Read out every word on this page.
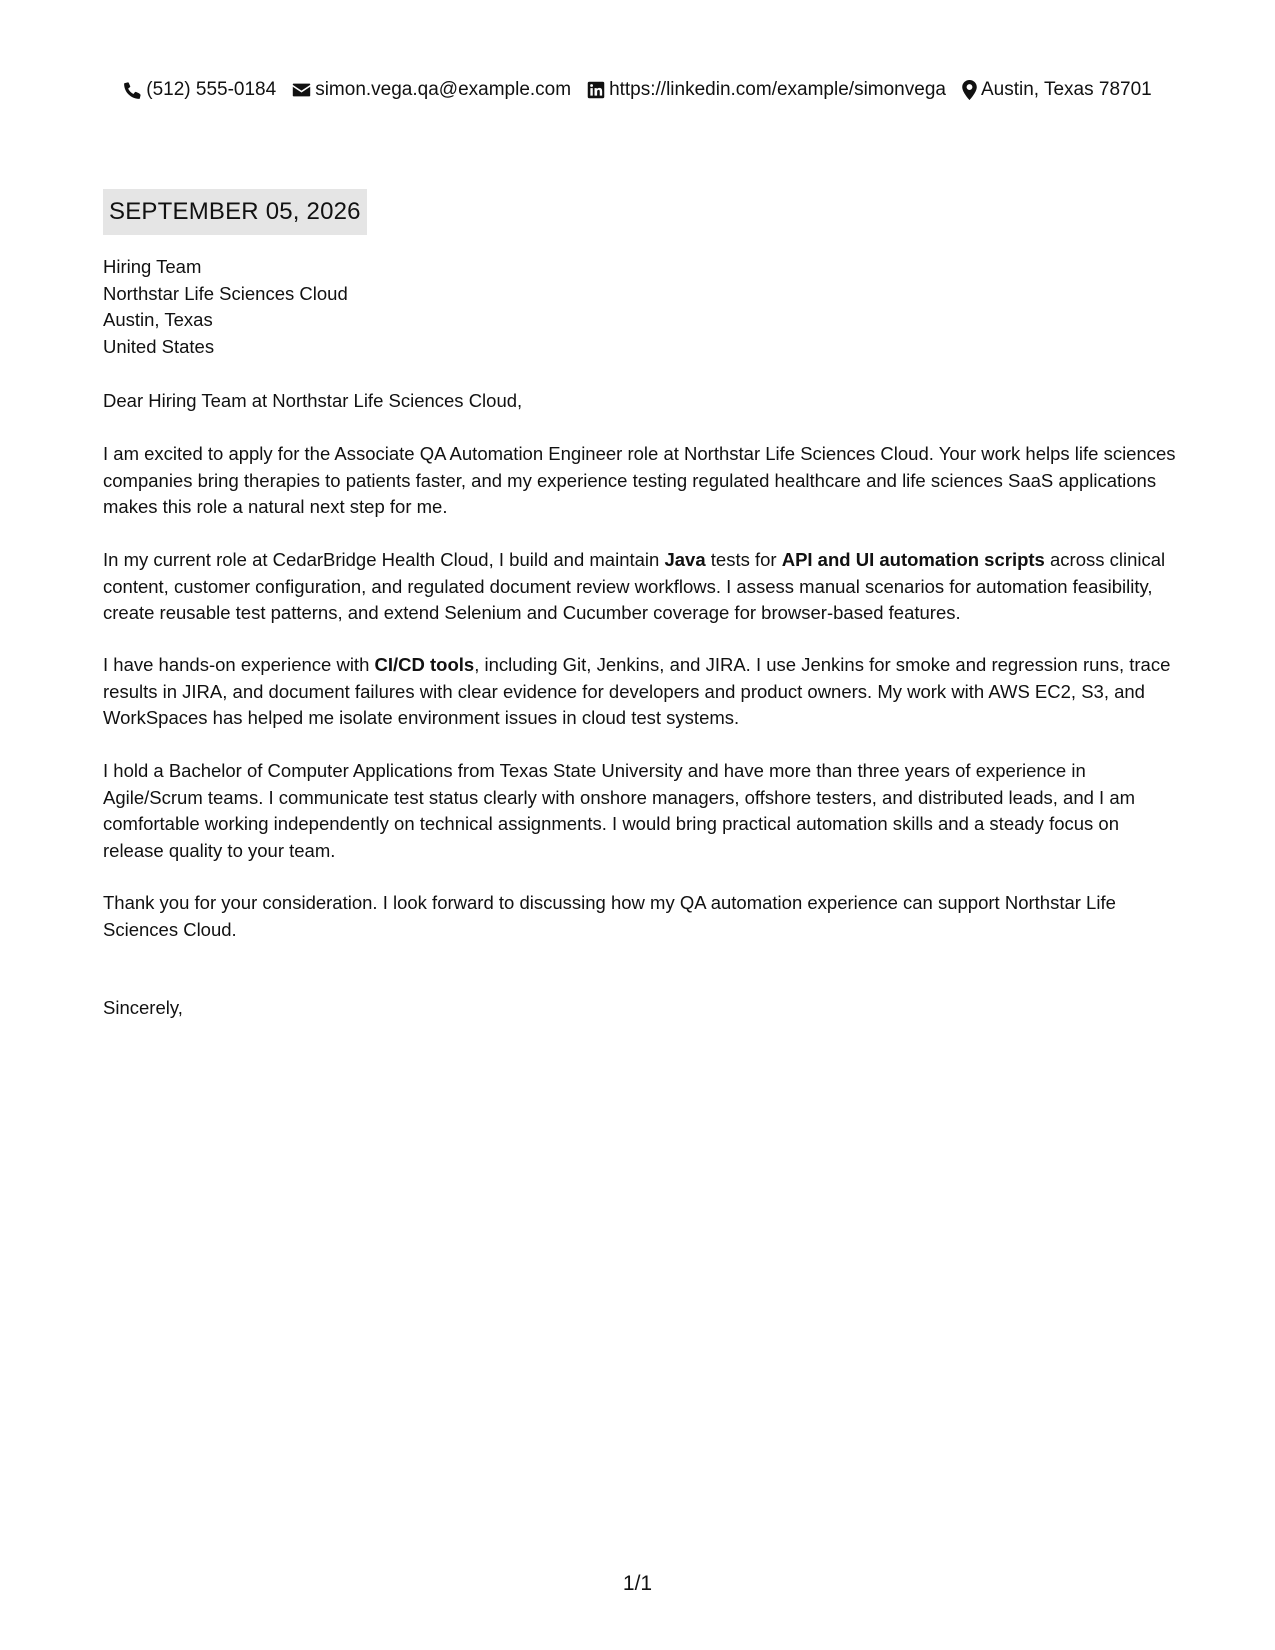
(512) 555-0184 simon.vega.qa@example.com https://linkedin.com/example/simonvega Austin, Texas 78701
SEPTEMBER 05, 2026
Hiring Team
Northstar Life Sciences Cloud
Austin, Texas
United States
Dear Hiring Team at Northstar Life Sciences Cloud,

I am excited to apply for the Associate QA Automation Engineer role at Northstar Life Sciences Cloud. Your work helps life sciences companies bring therapies to patients faster, and my experience testing regulated healthcare and life sciences SaaS applications makes this role a natural next step for me.

In my current role at CedarBridge Health Cloud, I build and maintain Java tests for API and UI automation scripts across clinical content, customer configuration, and regulated document review workflows. I assess manual scenarios for automation feasibility, create reusable test patterns, and extend Selenium and Cucumber coverage for browser-based features.

I have hands-on experience with CI/CD tools, including Git, Jenkins, and JIRA. I use Jenkins for smoke and regression runs, trace results in JIRA, and document failures with clear evidence for developers and product owners. My work with AWS EC2, S3, and WorkSpaces has helped me isolate environment issues in cloud test systems.

I hold a Bachelor of Computer Applications from Texas State University and have more than three years of experience in Agile/Scrum teams. I communicate test status clearly with onshore managers, offshore testers, and distributed leads, and I am comfortable working independently on technical assignments. I would bring practical automation skills and a steady focus on release quality to your team.

Thank you for your consideration. I look forward to discussing how my QA automation experience can support Northstar Life Sciences Cloud.

Sincerely,
1/1
